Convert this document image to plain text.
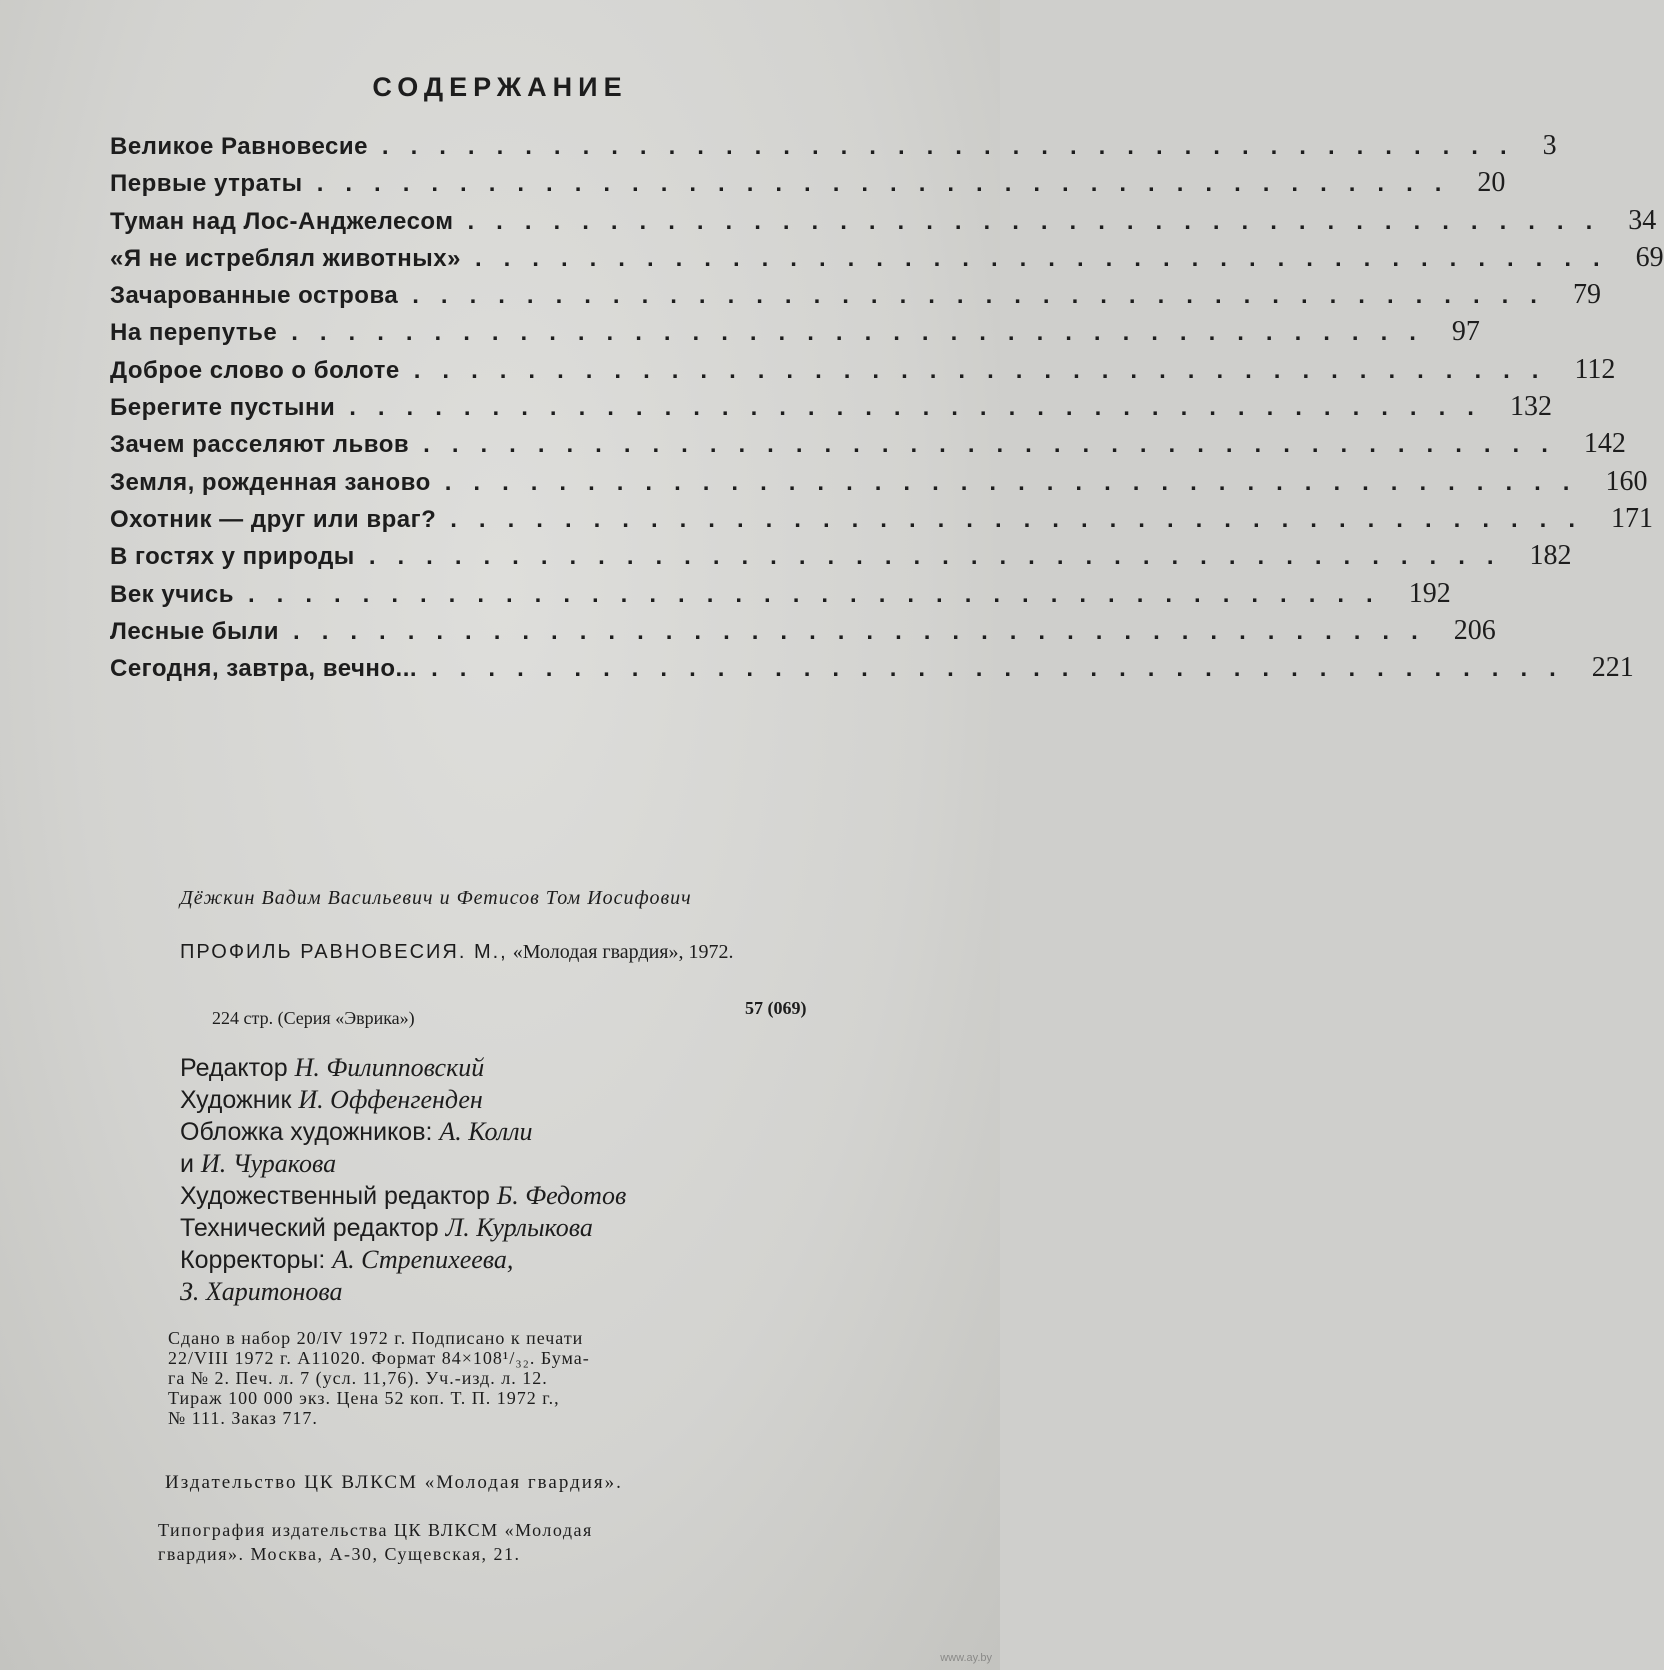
СОДЕРЖАНИЕ
Великое Равновесие ........................................ 3
Первые утраты ........................................ 20
Туман над Лос-Анджелесом ........................................ 34
«Я не истреблял животных» ........................................ 69
Зачарованные острова ........................................ 79
На перепутье ........................................ 97
Доброе слово о болоте ........................................ 112
Берегите пустыни ........................................ 132
Зачем расселяют львов ........................................ 142
Земля, рожденная заново ........................................ 160
Охотник — друг или враг? ........................................ 171
В гостях у природы ........................................ 182
Век учись ........................................ 192
Лесные были ........................................ 206
Сегодня, завтра, вечно... ........................................ 221
Дёжкин Вадим Васильевич и Фетисов Том Иосифович
ПРОФИЛЬ РАВНОВЕСИЯ. М., «Молодая гвардия», 1972.
224 стр. (Серия «Эврика»)	57 (069)
Редактор Н. Филипповский
Художник И. Оффенгенден
Обложка художников: А. Колли
и И. Чуракова
Художественный редактор Б. Федотов
Технический редактор Л. Курлыкова
Корректоры: А. Стрепихеева,
З. Харитонова
Сдано в набор 20/IV 1972 г. Подписано к печати
22/VIII 1972 г. А11020. Формат 84×108¹/₃₂. Бума-
га № 2. Печ. л. 7 (усл. 11,76). Уч.-изд. л. 12.
Тираж 100 000 экз. Цена 52 коп. Т. П. 1972 г.,
№ 111. Заказ 717.
Издательство ЦК ВЛКСМ «Молодая гвардия».
Типография издательства ЦК ВЛКСМ «Молодая
гвардия». Москва, А-30, Сущевская, 21.
www.ay.by
